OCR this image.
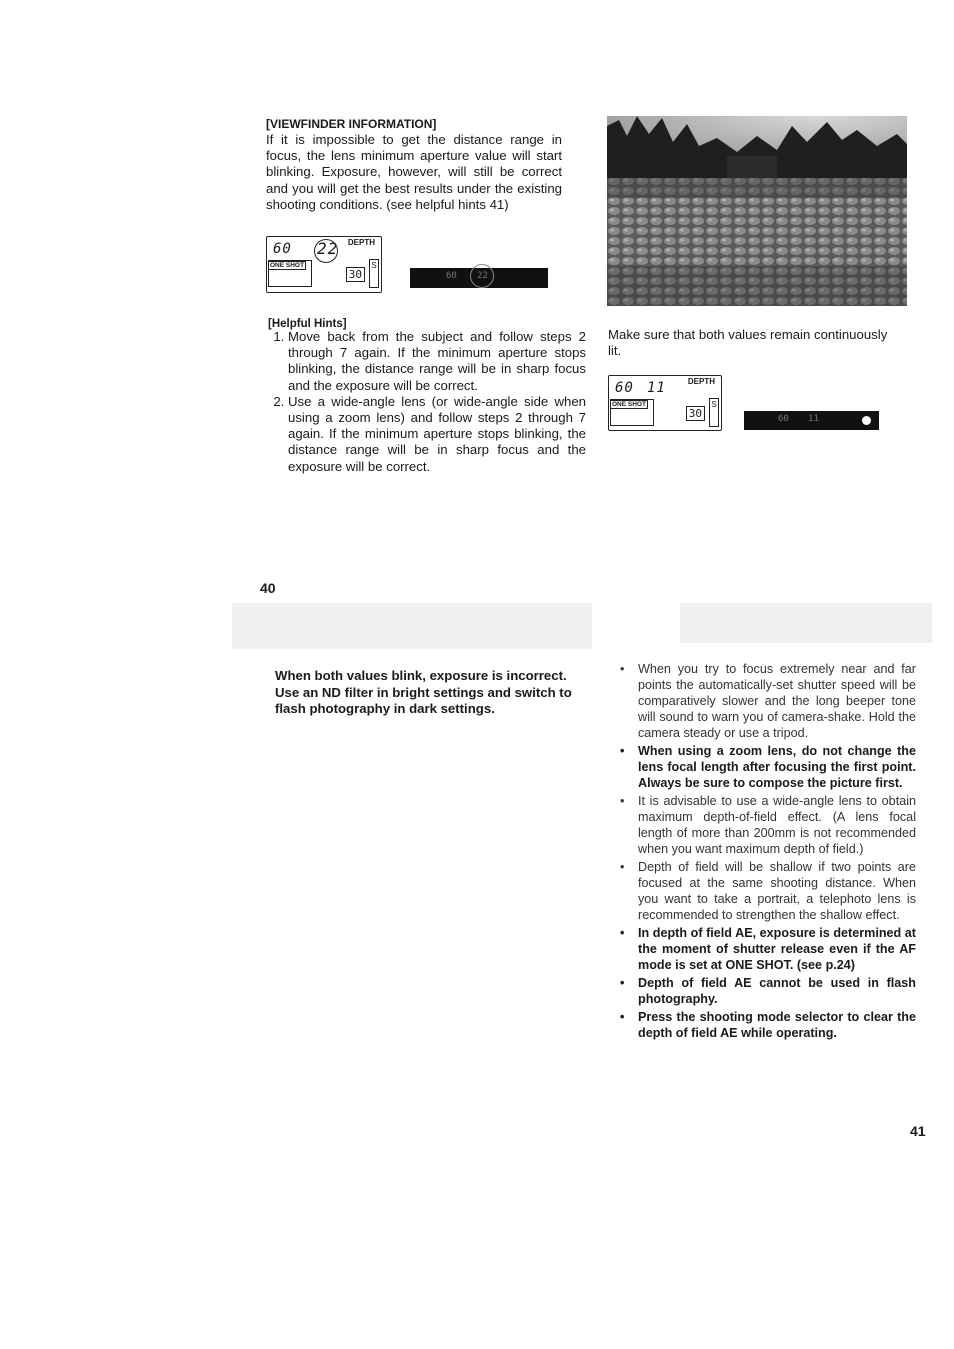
[VIEWFINDER INFORMATION]

If it is impossible to get the distance range in focus, the lens minimum aperture value will start blinking. Exposure, however, will still be correct and you will get the best results under the existing shooting conditions. (see helpful hints 41)

DEPTH
60 22
ONE SHOT
30
S
60 22
[Helpful Hints]
1. Move back from the subject and follow steps 2 through 7 again. If the minimum aperture stops blinking, the distance range will be in sharp focus and the exposure will be correct.
2. Use a wide-angle lens (or wide-angle side when using a zoom lens) and follow steps 2 through 7 again. If the minimum aperture stops blinking, the distance range will be in sharp focus and the exposure will be correct.
40

Make sure that both values remain continuously lit.

DEPTH
60 11
ONE SHOT
30
S
60 11

When both values blink, exposure is incorrect. Use an ND filter in bright settings and switch to flash photography in dark settings.

• When you try to focus extremely near and far points the automatically-set shutter speed will be comparatively slower and the long beeper tone will sound to warn you of camera-shake. Hold the camera steady or use a tripod.
• When using a zoom lens, do not change the lens focal length after focusing the first point. Always be sure to compose the picture first.
• It is advisable to use a wide-angle lens to obtain maximum depth-of-field effect. (A lens focal length of more than 200mm is not recommended when you want maximum depth of field.)
• Depth of field will be shallow if two points are focused at the same shooting distance. When you want to take a portrait, a telephoto lens is recommended to strengthen the shallow effect.
• In depth of field AE, exposure is determined at the moment of shutter release even if the AF mode is set at ONE SHOT. (see p.24)
• Depth of field AE cannot be used in flash photography.
• Press the shooting mode selector to clear the depth of field AE while operating.
41
